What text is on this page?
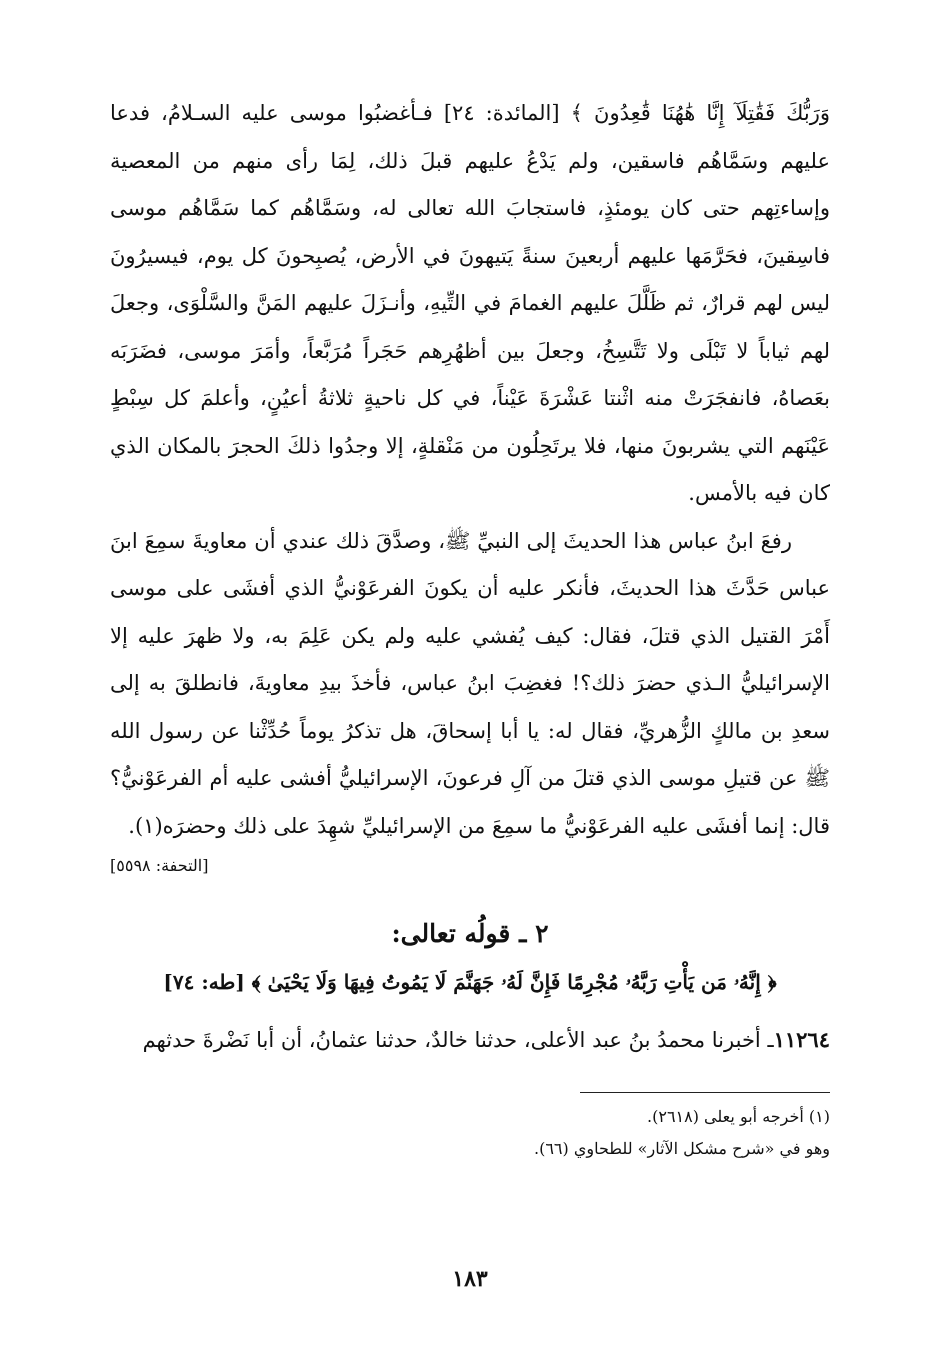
وَرَبُّكَ فَقَٰتِلَآ إِنَّا هَٰهُنَا قَٰعِدُونَ ﴾ [المائدة: ٢٤] فـأغضبُوا موسى عليه السـلامُ، فدعا عليهم وسَمَّاهُم فاسقين، ولم يَدْعُ عليهم قبلَ ذلك، لِمَا رأى منهم من المعصية وإساءتِهم حتى كان يومئذٍ، فاستجابَ الله تعالى له، وسَمَّاهُم كما سَمَّاهُم موسى فاسِقينَ، فحَرَّمَها عليهم أربعينَ سنةً يَتيهونَ في الأرض، يُصبِحونَ كل يوم، فيسيرُونَ ليس لهم قرارٌ، ثم ظَلَّلَ عليهم الغمامَ في التِّيهِ، وأنـزَلَ عليهم المَنَّ والسَّلْوَى، وجعلَ لهم ثياباً لا تَبْلَى ولا تَتَّسِخُ، وجعلَ بين أظهُرِهم حَجَراً مُرَبَّعاً، وأمَرَ موسى، فضَرَبَه بعَصاهُ، فانفجَرَتْ منه اثْنتا عَشْرَةَ عَيْناً، في كل ناحيةٍ ثلاثةُ أعيُنٍ، وأعلمَ كل سِبْطٍ عَيْنَهم التي يشربونَ منها، فلا يرتَحِلُون من مَنْقلةٍ، إلا وجدُوا ذلكَ الحجرَ بالمكان الذي كان فيه بالأمس.

رفعَ ابنُ عباس هذا الحديثَ إلى النبيِّ ﷺ، وصدَّقَ ذلك عندي أن معاويةَ سمِعَ ابنَ عباس حَدَّثَ هذا الحديثَ، فأنكر عليه أن يكونَ الفرعَوْنيُّ الذي أفشَى على موسى أَمْرَ القتيل الذي قتلَ، فقال: كيف يُفشي عليه ولم يكن عَلِمَ به، ولا ظهرَ عليه إلا الإسرائيليُّ الـذي حضرَ ذلك؟! فغضِبَ ابنُ عباس، فأخذَ بيدِ معاويةَ، فانطلقَ به إلى سعدِ بن مالكٍ الزُّهريِّ، فقال له: يا أبا إسحاقَ، هل تذكرُ يوماً حُدِّثْنا عن رسول الله ﷺ عن قتيلِ موسى الذي قتلَ من آلِ فرعونَ، الإسرائيليُّ أفشى عليه أم الفرعَوْنيُّ؟ قال: إنما أفشَى عليه الفرعَوْنيُّ ما سمِعَ من الإسرائيليِّ شهِدَ على ذلك وحضرَه(١).

[التحفة: ٥٥٩٨]

٢ ـ قولُه تعالى:

﴿ إِنَّهُۥ مَن يَأْتِ رَبَّهُۥ مُجْرِمًا فَإِنَّ لَهُۥ جَهَنَّمَ لَا يَمُوتُ فِيهَا وَلَا يَحْيَىٰ ﴾ [طه: ٧٤]

١١٢٦٤ـ أخبرنا محمدُ بنُ عبد الأعلى، حدثنا خالدٌ، حدثنا عثمانُ، أن أبا نَضْرةَ حدثهم

(١) أخرجه أبو يعلى (٢٦١٨).

وهو في «شرح مشكل الآثار» للطحاوي (٦٦).

١٨٣
